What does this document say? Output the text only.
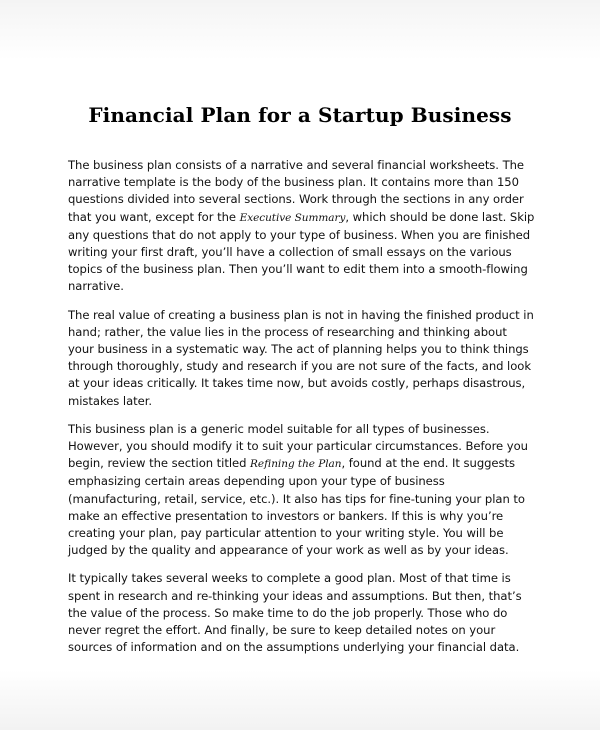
Financial Plan for a Startup Business

The business plan consists of a narrative and several financial worksheets. The narrative template is the body of the business plan. It contains more than 150 questions divided into several sections. Work through the sections in any order that you want, except for the Executive Summary, which should be done last. Skip any questions that do not apply to your type of business. When you are finished writing your first draft, you’ll have a collection of small essays on the various topics of the business plan. Then you’ll want to edit them into a smooth-flowing narrative.

The real value of creating a business plan is not in having the finished product in hand; rather, the value lies in the process of researching and thinking about your business in a systematic way. The act of planning helps you to think things through thoroughly, study and research if you are not sure of the facts, and look at your ideas critically. It takes time now, but avoids costly, perhaps disastrous, mistakes later.

This business plan is a generic model suitable for all types of businesses. However, you should modify it to suit your particular circumstances. Before you begin, review the section titled Refining the Plan, found at the end. It suggests emphasizing certain areas depending upon your type of business (manufacturing, retail, service, etc.). It also has tips for fine-tuning your plan to make an effective presentation to investors or bankers. If this is why you’re creating your plan, pay particular attention to your writing style. You will be judged by the quality and appearance of your work as well as by your ideas.

It typically takes several weeks to complete a good plan. Most of that time is spent in research and re-thinking your ideas and assumptions. But then, that’s the value of the process. So make time to do the job properly. Those who do never regret the effort. And finally, be sure to keep detailed notes on your sources of information and on the assumptions underlying your financial data.
